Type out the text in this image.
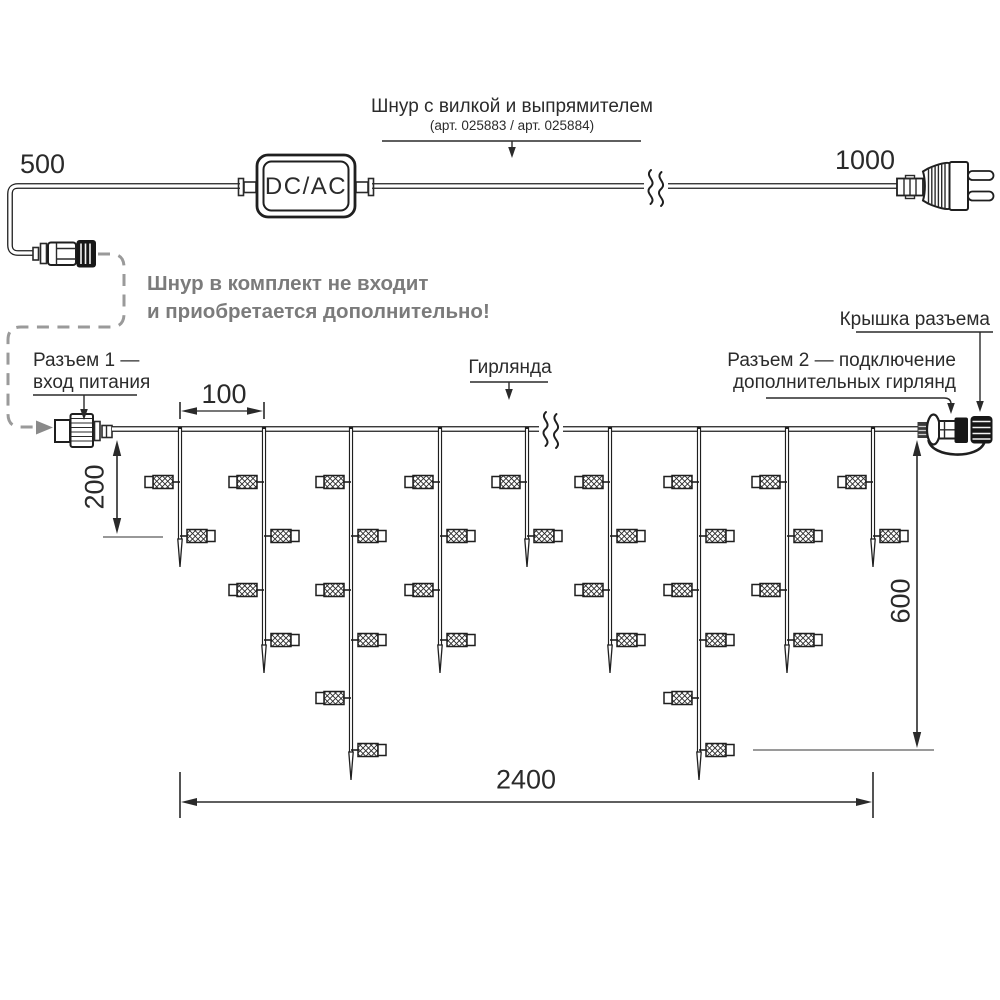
500	1000
Шнур с вилкой и выпрямителем
(арт. 025883 / арт. 025884)
DC/AC
Шнур в комплект не входит
и приобретается дополнительно!
Разъем 1 —
вход питания
Гирлянда	Разъем 2 — подключение
дополнительных гирлянд
Крышка разъема
100
200
600
2400
